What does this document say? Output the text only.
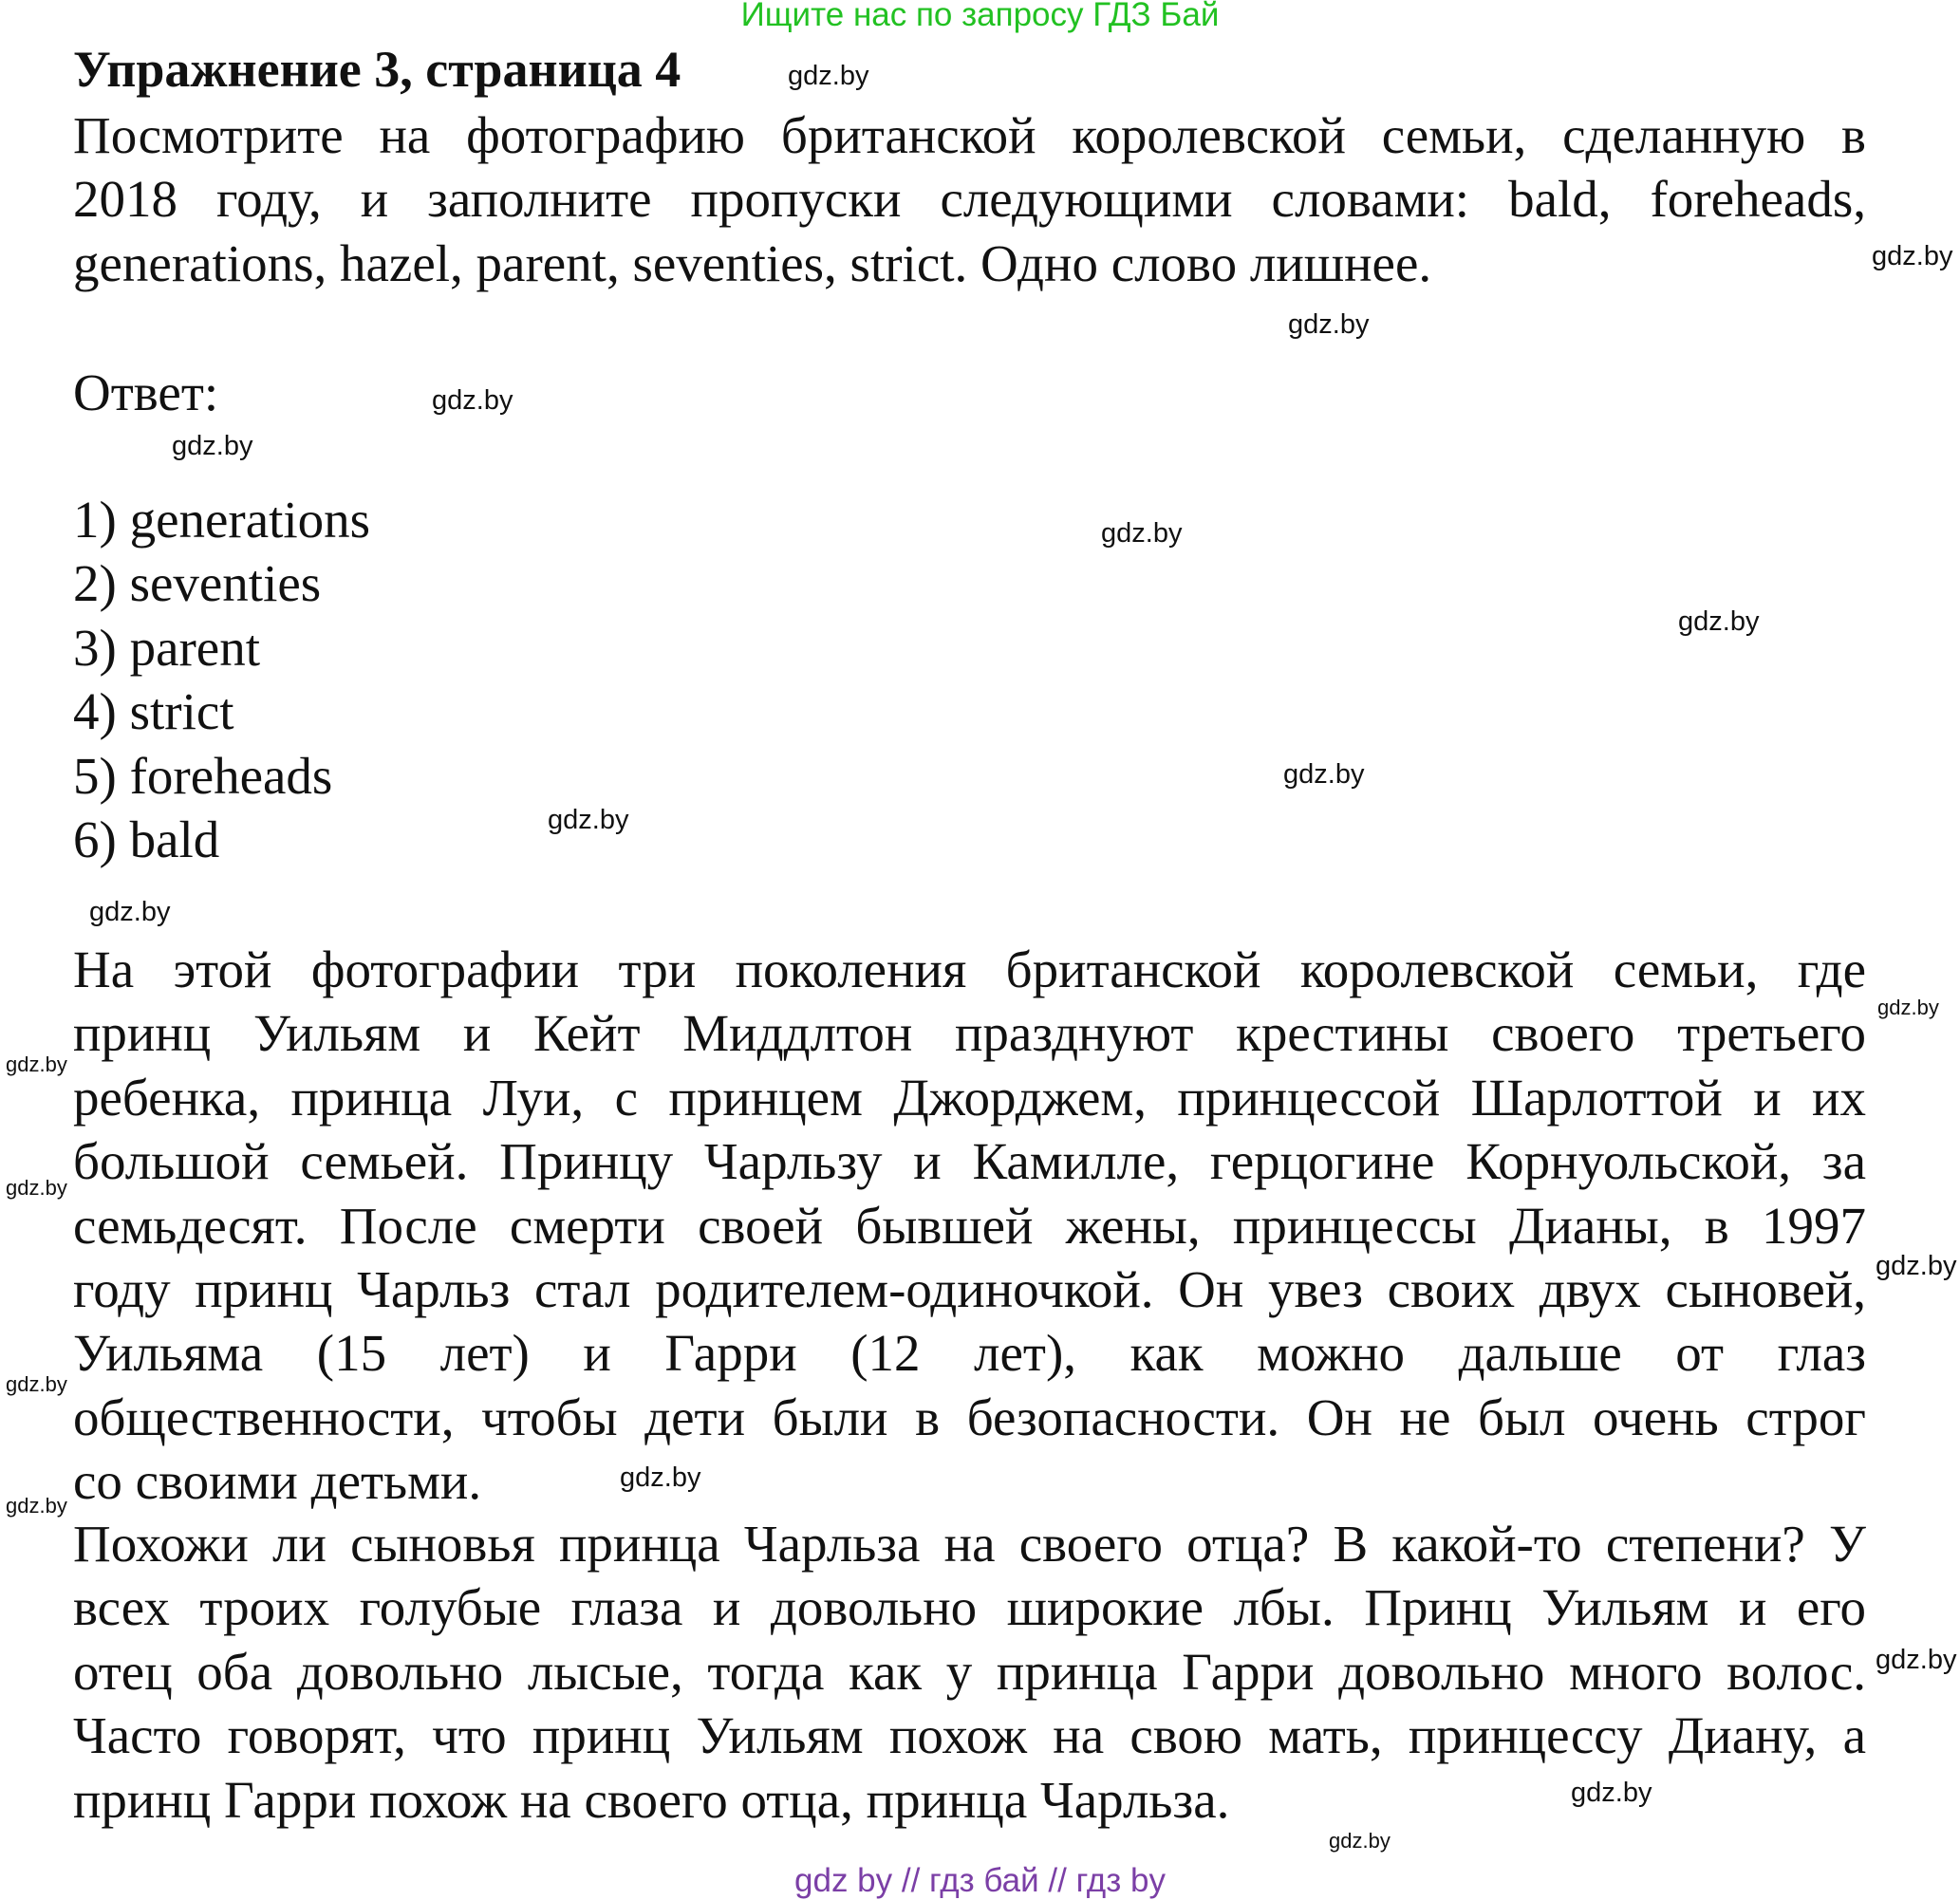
Ищите нас по запросу ГДЗ Бай
Упражнение 3, страница 4
Посмотрите на фотографию британской королевской семьи, сделанную в
2018 году, и заполните пропуски следующими словами: bald, foreheads,
generations, hazel, parent, seventies, strict. Одно слово лишнее.
Ответ:
1) generations
2) seventies
3) parent
4) strict
5) foreheads
6) bald
На этой фотографии три поколения британской королевской семьи, где
принц Уильям и Кейт Миддлтон празднуют крестины своего третьего
ребенка, принца Луи, с принцем Джорджем, принцессой Шарлоттой и их
большой семьей. Принцу Чарльзу и Камилле, герцогине Корнуольской, за
семьдесят. После смерти своей бывшей жены, принцессы Дианы, в 1997
году принц Чарльз стал родителем-одиночкой. Он увез своих двух сыновей,
Уильяма (15 лет) и Гарри (12 лет), как можно дальше от глаз
общественности, чтобы дети были в безопасности. Он не был очень строг
со своими детьми.
Похожи ли сыновья принца Чарльза на своего отца? В какой-то степени? У
всех троих голубые глаза и довольно широкие лбы. Принц Уильям и его
отец оба довольно лысые, тогда как у принца Гарри довольно много волос.
Часто говорят, что принц Уильям похож на свою мать, принцессу Диану, а
принц Гарри похож на своего отца, принца Чарльза.
gdz.by
gdz.by
gdz.by
gdz.by
gdz.by
gdz.by
gdz.by
gdz.by
gdz.by
gdz.by
gdz.by
gdz.by
gdz.by
gdz.by
gdz.by
gdz.by
gdz.by
gdz.by
gdz.by
gdz.by
gdz by // гдз бай // гдз by
